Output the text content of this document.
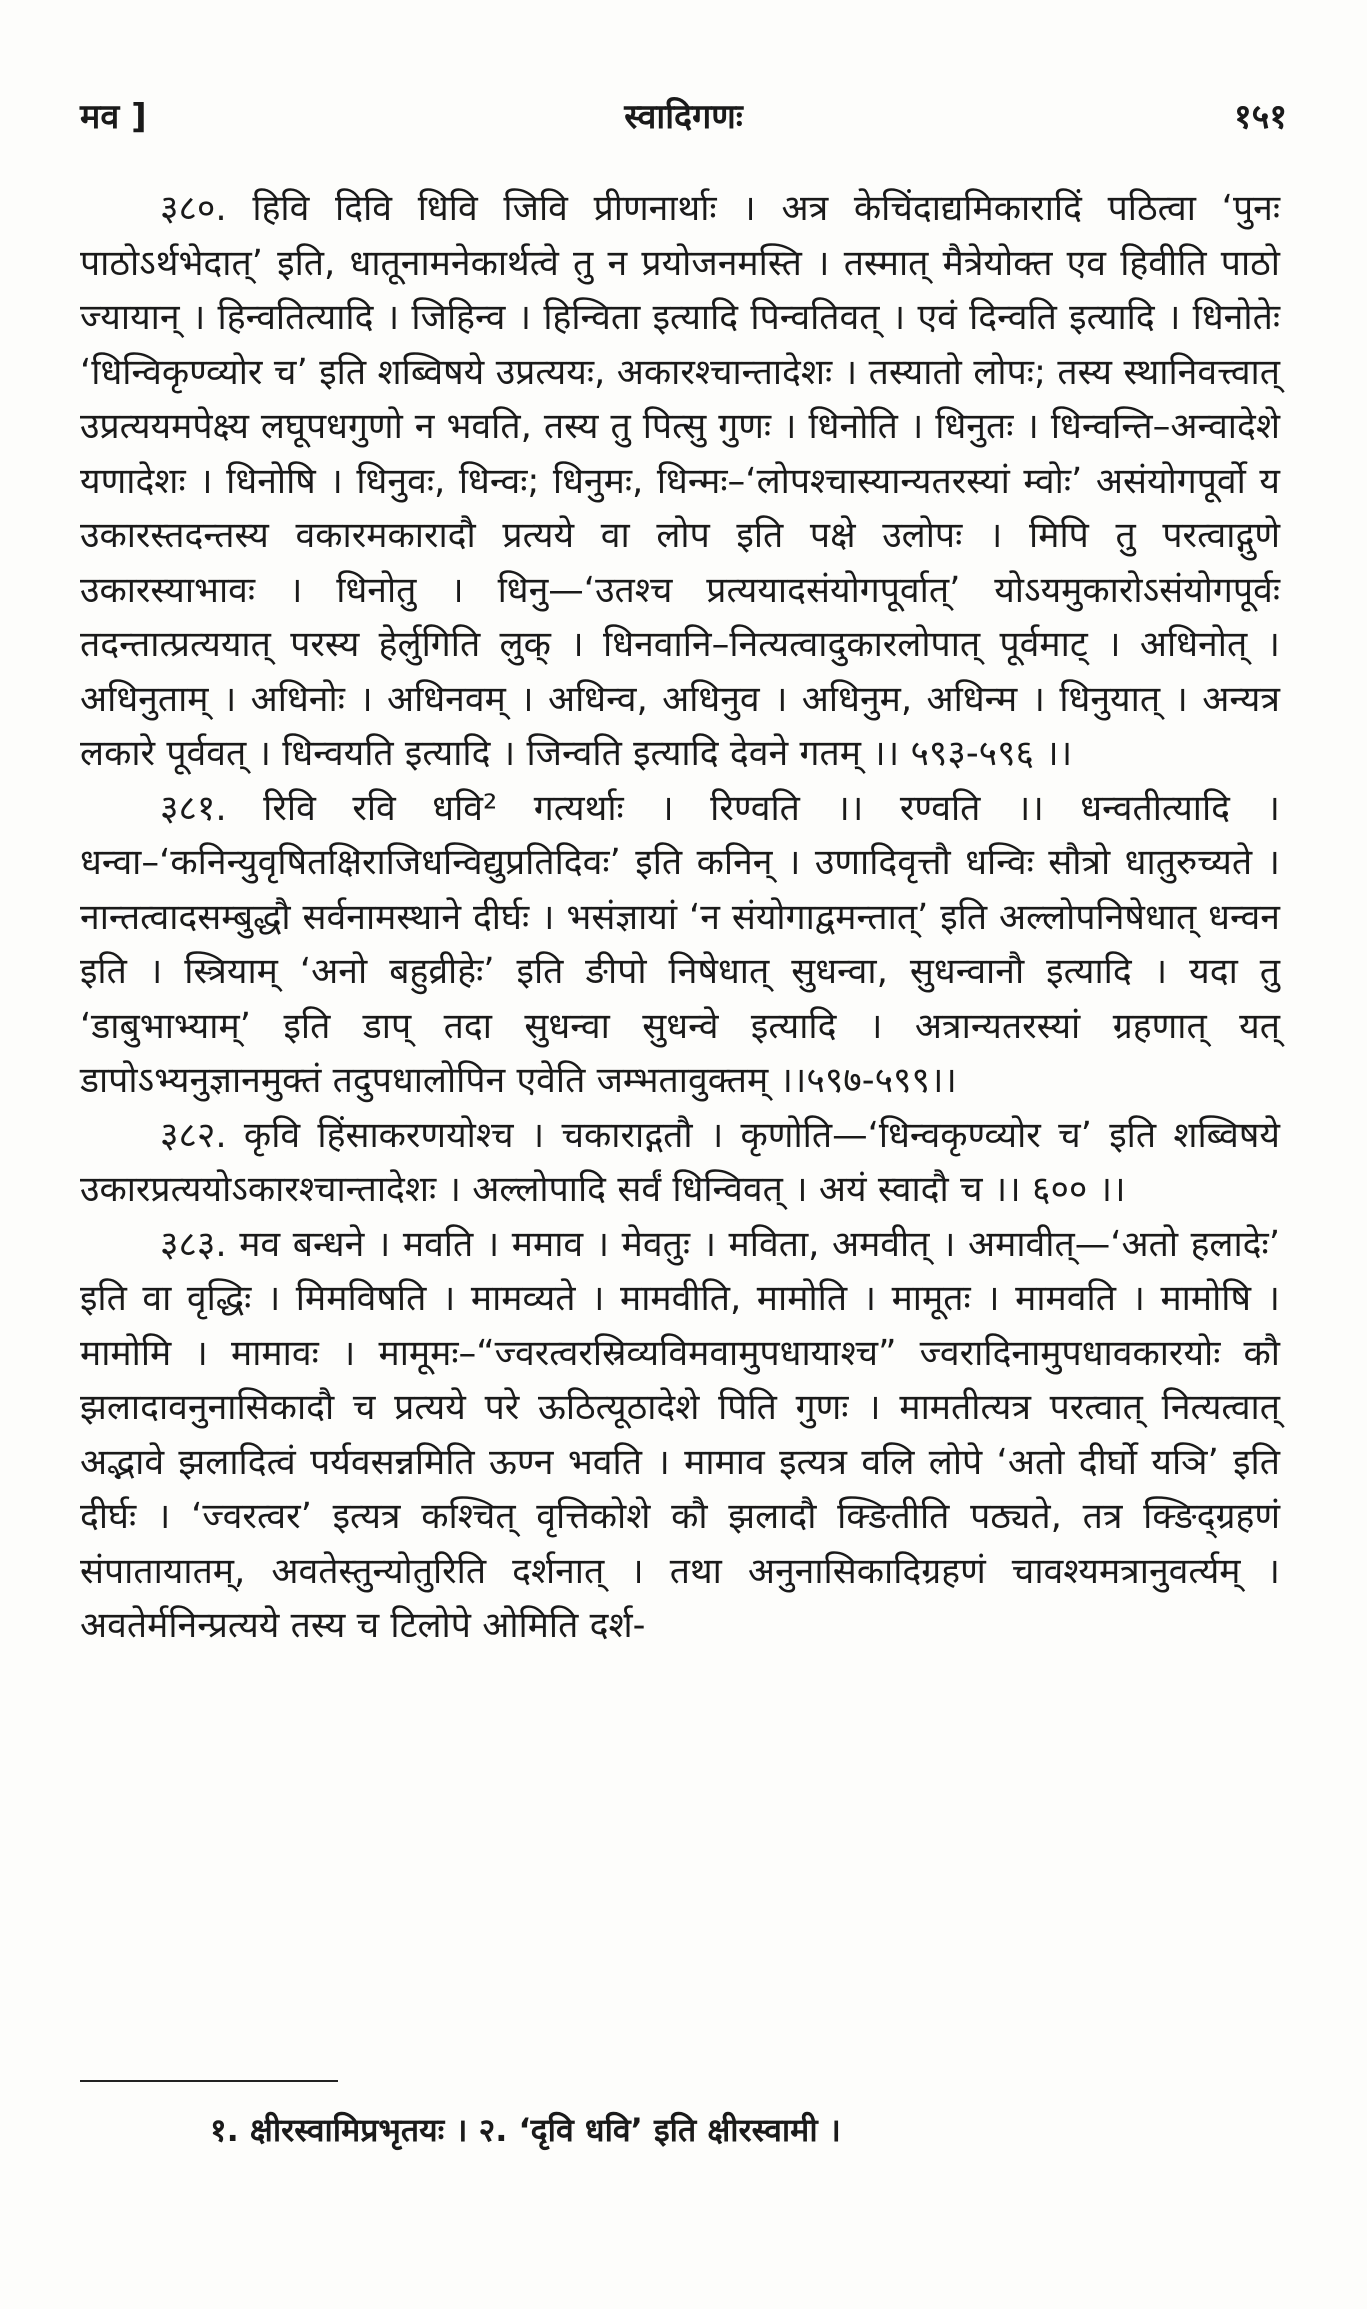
मव ]	स्वादिगणः	१५१

३८०. हिवि दिवि धिवि जिवि प्रीणनार्थाः । अत्र केचिंदाद्यमिकारादिं पठित्वा ‘पुनः पाठोऽर्थभेदात्’ इति, धातूनामनेकार्थत्वे तु न प्रयोजनमस्ति । तस्मात् मैत्रेयोक्त एव हिवीति पाठो ज्यायान् । हिन्वतित्यादि । जिहिन्व । हिन्विता इत्यादि पिन्वतिवत् । एवं दिन्वति इत्यादि । धिनोतेः ‘धिन्विकृण्व्योर च’ इति शब्विषये उप्रत्ययः, अकारश्चान्तादेशः । तस्यातो लोपः; तस्य स्थानिवत्त्वात् उप्रत्ययमपेक्ष्य लघूपधगुणो न भवति, तस्य तु पित्सु गुणः । धिनोति । धिनुतः । धिन्वन्ति–अन्वादेशे यणादेशः । धिनोषि । धिनुवः, धिन्वः; धिनुमः, धिन्मः–‘लोपश्चास्यान्यतरस्यां म्वोः’ असंयोगपूर्वो य उकारस्तदन्तस्य वकारमकारादौ प्रत्यये वा लोप इति पक्षे उलोपः । मिपि तु परत्वाद्गुणे उकारस्याभावः । धिनोतु । धिनु—‘उतश्च प्रत्ययादसंयोगपूर्वात्’ योऽयमुकारोऽसंयोगपूर्वः तदन्तात्प्रत्ययात् परस्य हेर्लुगिति लुक् । धिनवानि–नित्यत्वादुकारलोपात् पूर्वमाट् । अधिनोत् । अधिनुताम् । अधिनोः । अधिनवम् । अधिन्व, अधिनुव । अधिनुम, अधिन्म । धिनुयात् । अन्यत्र लकारे पूर्ववत् । धिन्वयति इत्यादि । जिन्वति इत्यादि देवने गतम् ।। ५९३-५९६ ।।

३८१. रिवि रवि धवि² गत्यर्थाः । रिण्वति ।। रण्वति ।। धन्वतीत्यादि । धन्वा–‘कनिन्युवृषितक्षिराजिधन्विद्युप्रतिदिवः’ इति कनिन् । उणादिवृत्तौ धन्विः सौत्रो धातुरुच्यते । नान्तत्वादसम्बुद्धौ सर्वनामस्थाने दीर्घः । भसंज्ञायां ‘न संयोगाद्वमन्तात्’ इति अल्लोपनिषेधात् धन्वन इति । स्त्रियाम् ‘अनो बहुव्रीहेः’ इति ङीपो निषेधात् सुधन्वा, सुधन्वानौ इत्यादि । यदा तु ‘डाबुभाभ्याम्’ इति डाप् तदा सुधन्वा सुधन्वे इत्यादि । अत्रान्यतरस्यां ग्रहणात् यत् डापोऽभ्यनुज्ञानमुक्तं तदुपधालोपिन एवेति जम्भतावुक्तम् ।।५९७-५९९।।

३८२. कृवि हिंसाकरणयोश्च । चकाराद्गतौ । कृणोति—‘धिन्वकृण्व्योर च’ इति शब्विषये उकारप्रत्ययोऽकारश्चान्तादेशः । अल्लोपादि सर्वं धिन्विवत् । अयं स्वादौ च ।। ६०० ।।

३८३. मव बन्धने । मवति । ममाव । मेवतुः । मविता, अमवीत् । अमावीत्—‘अतो हलादेः’ इति वा वृद्धिः । मिमविषति । मामव्यते । मामवीति, मामोति । मामूतः । मामवति । मामोषि । मामोमि । मामावः । मामूमः–“ज्वरत्वरस्रिव्यविमवामुपधायाश्च” ज्वरादिनामुपधावकारयोः कौ झलादावनुनासिकादौ च प्रत्यये परे ऊठित्यूठादेशे पिति गुणः । मामतीत्यत्र परत्वात् नित्यत्वात् अद्भावे झलादित्वं पर्यवसन्नमिति ऊण्न भवति । मामाव इत्यत्र वलि लोपे ‘अतो दीर्घो यञि’ इति दीर्घः । ‘ज्वरत्वर’ इत्यत्र कश्चित् वृत्तिकोशे कौ झलादौ क्ङितीति पठ्यते, तत्र क्ङिद्ग्रहणं संपातायातम्, अवतेस्तुन्योतुरिति दर्शनात् । तथा अनुनासिकादिग्रहणं चावश्यमत्रानुवर्त्यम् । अवतेर्मनिन्प्रत्यये तस्य च टिलोपे ओमिति दर्श-

१. क्षीरस्वामिप्रभृतयः । २. ‘दृवि धवि’ इति क्षीरस्वामी ।
